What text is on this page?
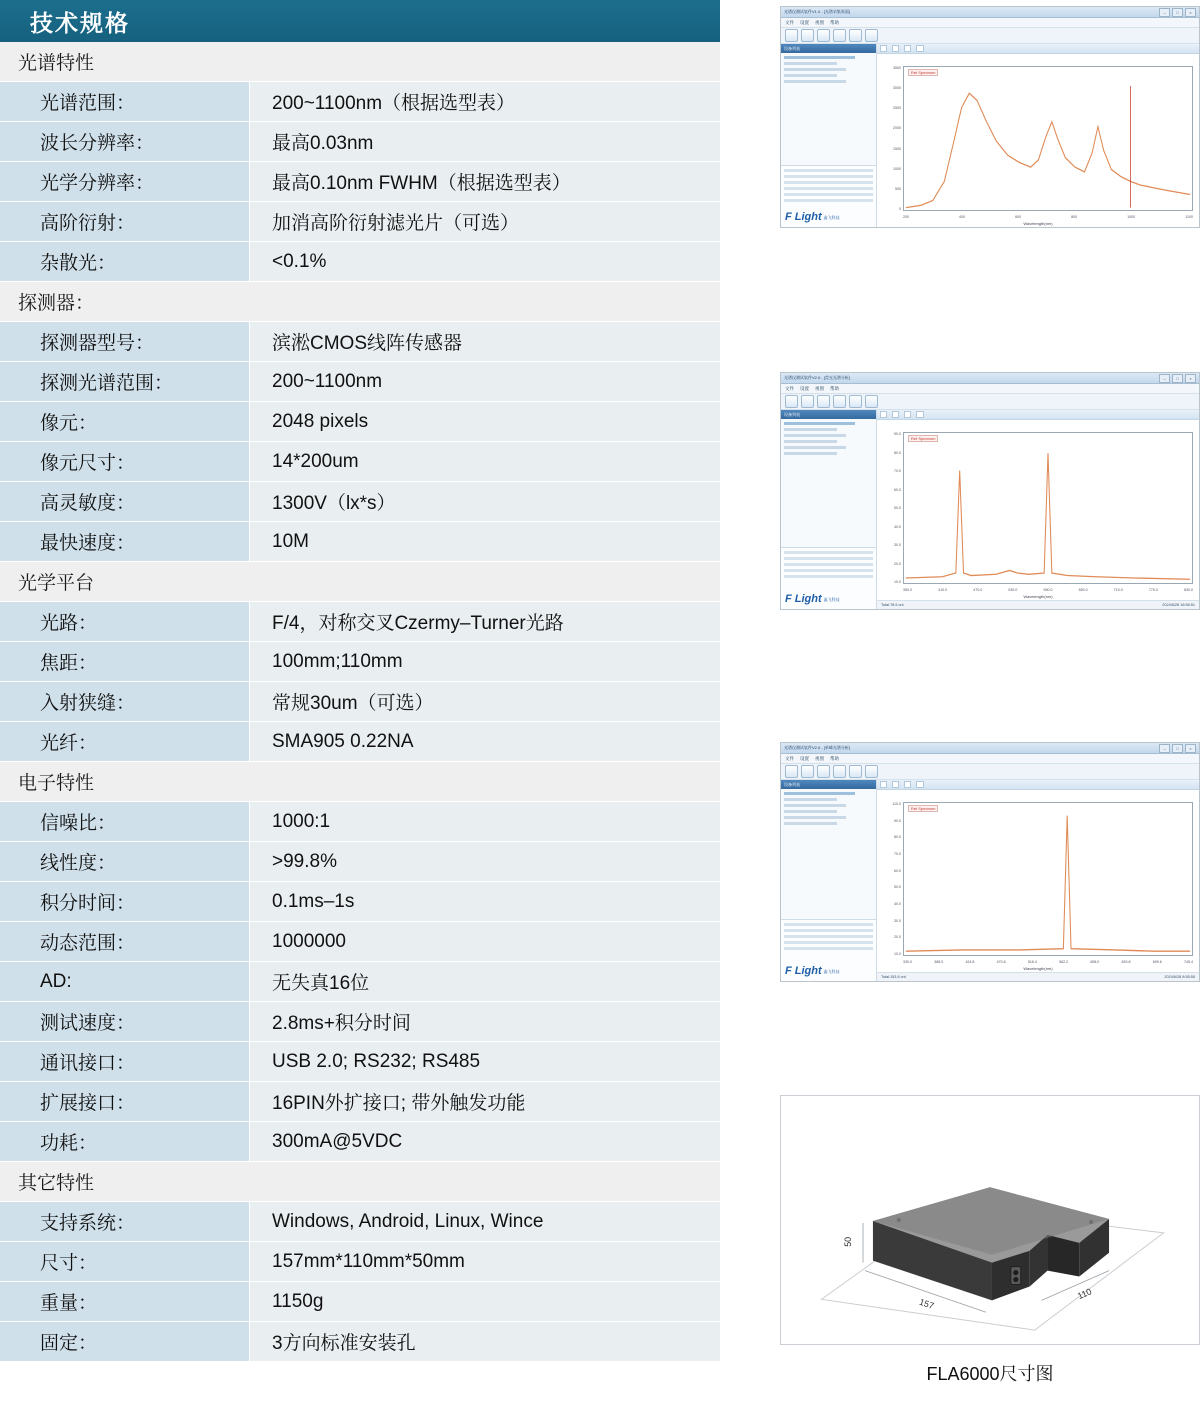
技术规格
光谱特性
光谱范围：	200~1100nm（根据选型表）
波长分辨率：	最高0.03nm
光学分辨率：	最高0.10nm FWHM（根据选型表）
高阶衍射：	加消高阶衍射滤光片（可选）
杂散光：	<0.1%
探测器：
探测器型号：	滨淞CMOS线阵传感器
探测光谱范围：	200~1100nm
像元：	2048 pixels
像元尺寸：	14*200um
高灵敏度：	1300V（lx*s）
最快速度：	10M
光学平台
光路：	F/4，对称交叉Czermy–Turner光路
焦距：	100mm;110mm
入射狭缝：	常规30um（可选）
光纤：	SMA905 0.22NA
电子特性
信噪比：	1000:1
线性度：	>99.8%
积分时间：	0.1ms–1s
动态范围：	1000000
AD:	无失真16位
测试速度：	2.8ms+积分时间
通讯接口：	USB 2.0; RS232; RS485
扩展接口：	16PIN外扩接口; 带外触发功能
功耗：	300mA@5VDC
其它特性
支持系统：	Windows, Android, Linux, Wince
尺寸：	157mm*110mm*50mm
重量：	1150g
固定：	3方向标准安装孔
光谱仪测试软件V1.0 - [光谱采集界面]	–	□	×
文件 设置 视图 帮助
设备列表

3500
3000
2500
2000
1500
1000
500
0
Ref Spectrum
200	400	600	800	1000	1100
Wavelength(nm)
F Light 鑫飞科技
光谱仪测试软件V2.0 - [荧光光谱分析]	–	□	×
文件 设置 视图 帮助
设备列表

90.0
80.0
70.0
60.0
50.0
40.0
30.0
20.0
10.0
Ref Spectrum
350.0	410.0	470.0	530.0	590.0	650.0	710.0	770.0	830.0
Wavelength(nm)
Total:78.6 cnt	2024/6/28 16:56:51
F Light 鑫飞科技
光谱仪测试软件V2.0 - [单峰光谱分析]	–	□	×
文件 设置 视图 帮助
设备列表

110.0
90.0
80.0
70.0
60.0
50.0
40.0
30.0
20.0
10.0
Ref Spectrum
330.0	388.0	424.8	470.6	516.4	562.2	608.0	653.8	699.6	745.4
Wavelength(nm)
Total:153.6 cnt	2024/6/28 8:55:55
F Light 鑫飞科技
157
110
50
FLA6000尺寸图
